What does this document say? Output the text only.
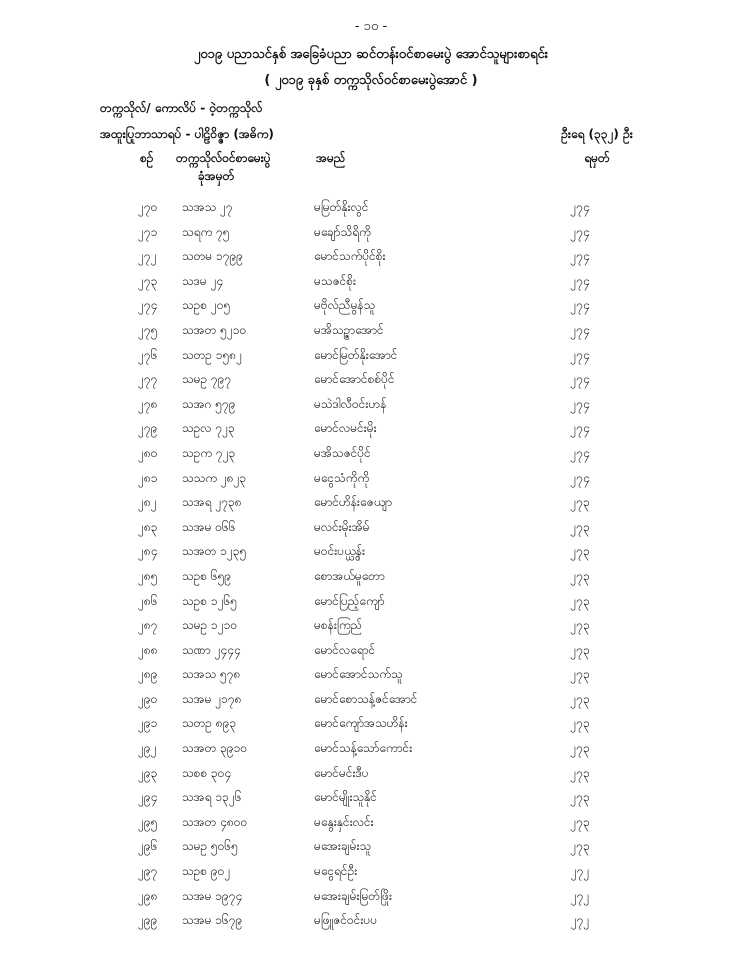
- ၁၀ -
၂၀၁၉ ပညာသင်နှစ် အခြေခံပညာ ဆင်တန်းဝင်စာမေးပွဲ အောင်သူများစာရင်း
( ၂၀၁၉ ခုနှစ် တက္ကသိုလ်ဝင်စာမေးပွဲအောင် )
တက္ကသိုလ်/ ကောလိပ် - ဝဲ့တက္ကသိုလ်
အထူးပြုဘာသာရပ် - ပါဠိဝိဇ္ဇာ (အဓိက)	ဦးရေ (၃၃၂) ဦး
စဉ် တက္ကသိုလ်ဝင်စာမေးပွဲ
ခုံအမှတ်
အမည်	ရမှတ်
၂၇၀	သအသ ၂၇	မမြတ်နိုးလွင်	၂၇၄
၂၇၁	သရက ၇၅	မချော်သိရိကို	၂၇၄
၂၇၂	သတမ ၁၇၉၉	မောင်သက်ပိုင်စိုး	၂၇၄
၂၇၃	သဒမ ၂၄	မသဇင်စိုး	၂၇၄
၂၇၄	သဥစ ၂၀၅	မဗိုလ်ညီမွန်သူ	၂၇၄
၂၇၅	သအတ ၅၂၁၀	မအိသဉ္ဇာအောင်	၂၇၄
၂၇၆	သတဥ ၁၅၈၂	မောင်မြတ်နိုးအောင်	၂၇၄
၂၇၇	သမဥ ၇၉၇	မောင်အောင်စစ်ပိုင်	၂၇၄
၂၇၈	သအဂ ၅၇၉	မသဲဒါလီဝင်းဟန်	၂၇၄
၂၇၉	သဥလ ၇၂၃	မောင်လမင်းမိုး	၂၇၄
၂၈၀	သဥက ၇၂၃	မအိသဇင်ပိုင်	၂၇၄
၂၈၁	သသက ၂၈၂၃	မငွေသံကိုကို	၂၇၄
၂၈၂	သအရ ၂၇၃၈	မောင်ဟိန်းဇေယျာ	၂၇၃
၂၈၃	သအမ ၀၆၆	မလင်းမိုးအိမ်	၂၇၃
၂၈၄	သအတ ၁၂၃၅	မဝင်းပယ္ယွန်း	၂၇၃
၂၈၅	သဥစ ၆၅၉	စောအယ်မူတော	၂၇၃
၂၈၆	သဥစ ၁၂၆၅	မောင်ပြည့်ကျော်	၂၇၃
၂၈၇	သမဥ ၁၂၁၀	မစန်းကြည်	၂၇၃
၂၈၈	သဏာ ၂၄၄၄	မောင်လရောင်	၂၇၃
၂၈၉	သအသ ၅၇၈	မောင်အောင်သက်သူ	၂၇၃
၂၉၀	သအမ ၂၁၇၈	မောင်စောသန့်ဇင်အောင်	၂၇၃
၂၉၁	သတဥ ၈၉၃	မောင်ကျော်အသဟိန်း	၂၇၃
၂၉၂	သအတ ၃၉၁၀	မောင်သန့်သော်ကောင်း	၂၇၃
၂၉၃	သစစ ၃၀၄	မောင်မင်းဒီပ	၂၇၃
၂၉၄	သအရ ၁၃၂၆	မောင်မျိုးသူနိုင်	၂၇၃
၂၉၅	သအတ ၄၈၀၀	မနွေးနှင်းလင်း	၂၇၃
၂၉၆	သမဥ ၅၀၆၅	မအေးချမ်းသူ	၂၇၃
၂၉၇	သဥစ ၉၀၂	မငွေရင်ဦး	၂၇၂
၂၉၈	သအမ ၁၉၇၄	မအေးချမ်းမြတ်ဖြိုး	၂၇၂
၂၉၉	သအမ ၁၆၇၉	မဖြူဇင်ဝင်းပပ	၂၇၂
